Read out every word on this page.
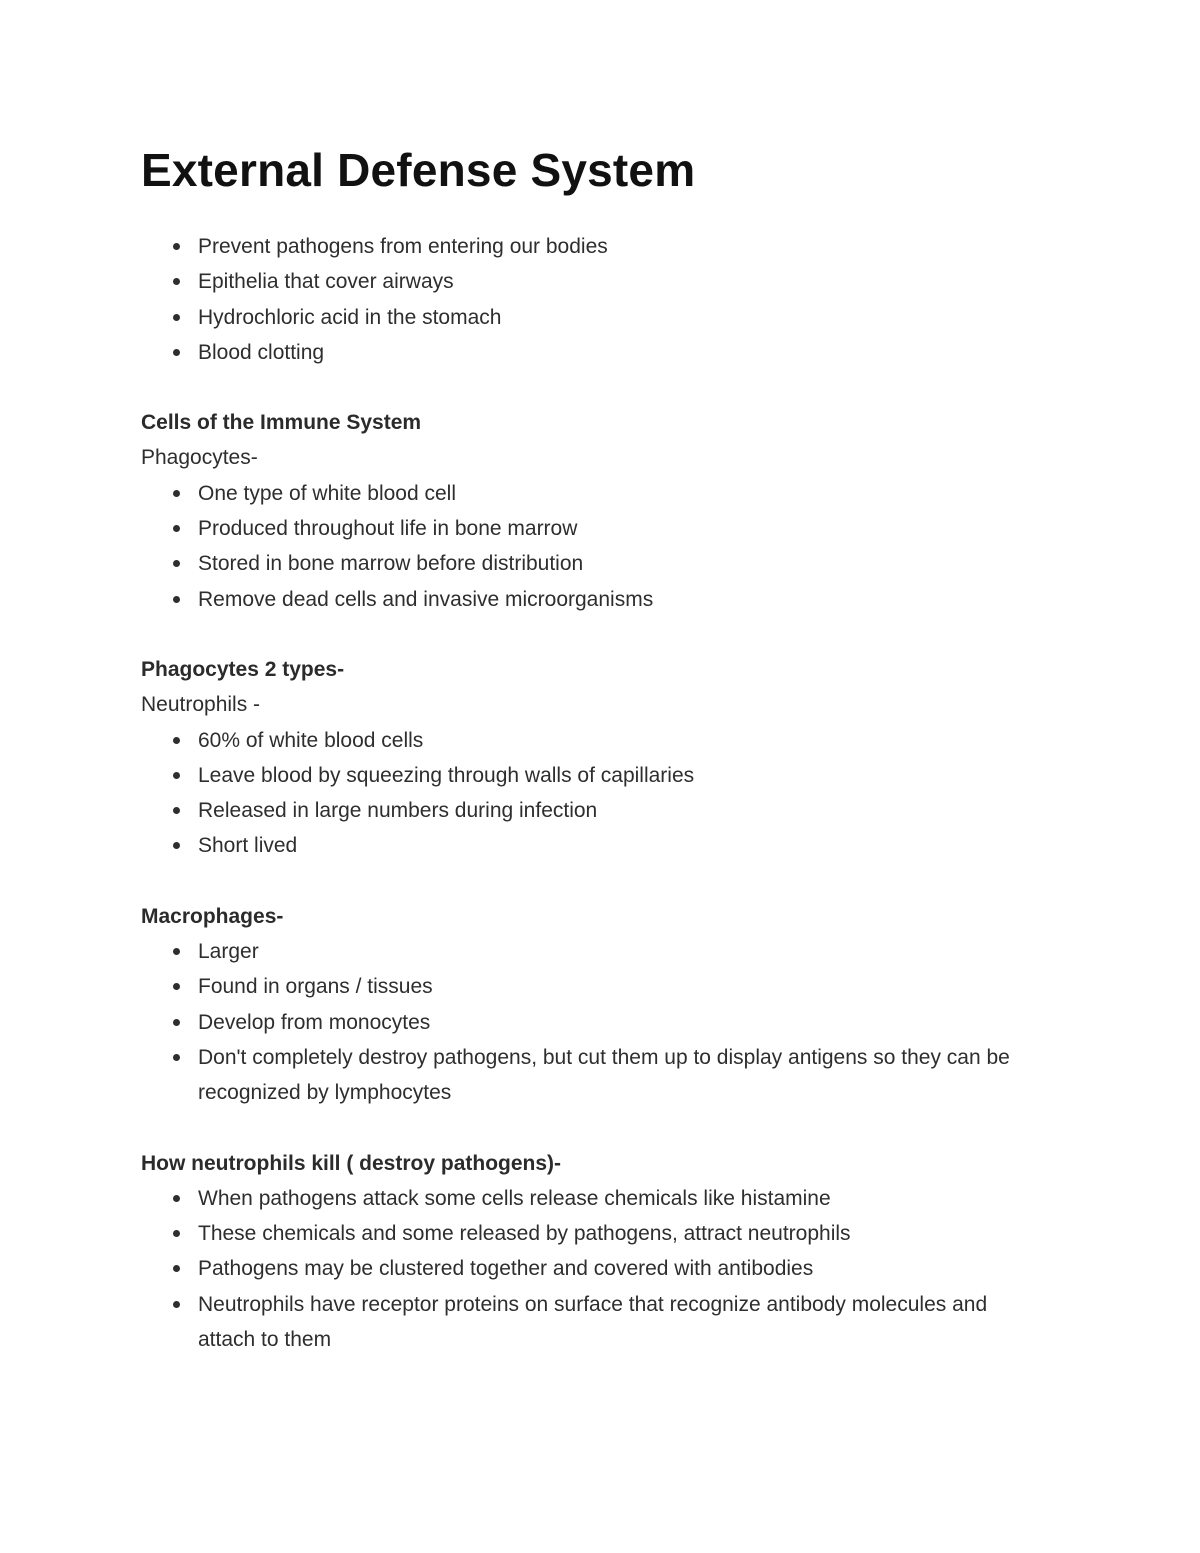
External Defense System
Prevent pathogens from entering our bodies
Epithelia that cover airways
Hydrochloric acid in the stomach
Blood clotting
Cells of the Immune System
Phagocytes-
One type of white blood cell
Produced throughout life in bone marrow
Stored in bone marrow before distribution
Remove dead cells and invasive microorganisms
Phagocytes 2 types-
Neutrophils -
60% of white blood cells
Leave blood by squeezing through walls of capillaries
Released in large numbers during infection
Short lived
Macrophages-
Larger
Found in organs / tissues
Develop from monocytes
Don't completely destroy pathogens, but cut them up to display antigens so they can be recognized by lymphocytes
How neutrophils kill ( destroy pathogens)-
When pathogens attack some cells release chemicals like histamine
These chemicals and some released by pathogens, attract neutrophils
Pathogens may be clustered together and covered with antibodies
Neutrophils have receptor proteins on surface that recognize antibody molecules and attach to them
